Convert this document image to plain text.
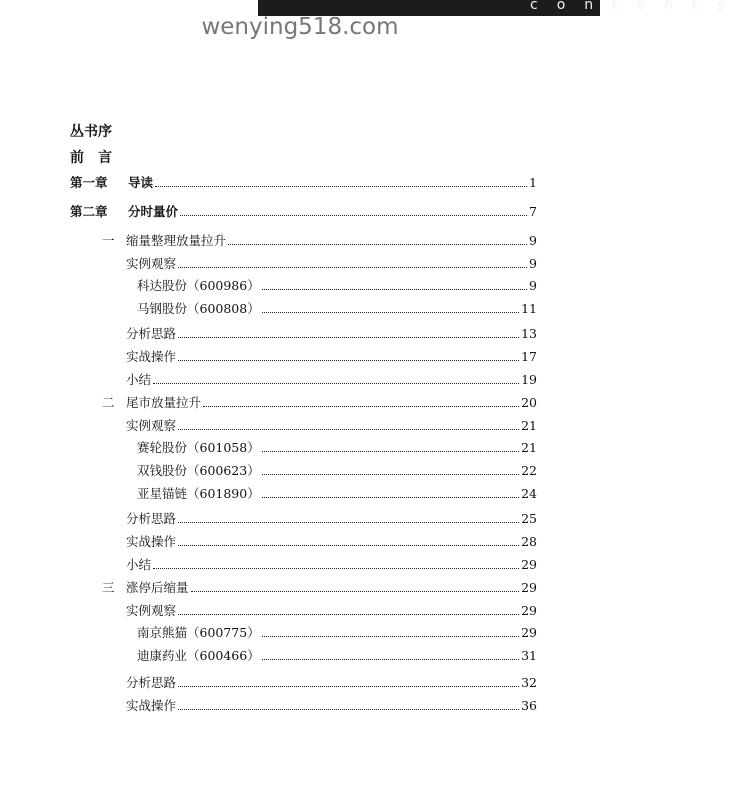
contents
wenying518.com
丛书序
前　言
第一章	导读	1
第二章	分时量价	7
一 缩量整理放量拉升	9
实例观察	9
科达股份（600986）	9
马钢股份（600808）	11
分析思路	13
实战操作	17
小结	19
二 尾市放量拉升	20
实例观察	21
赛轮股份（601058）	21
双钱股份（600623）	22
亚星锚链（601890）	24
分析思路	25
实战操作	28
小结	29
三 涨停后缩量	29
实例观察	29
南京熊猫（600775）	29
迪康药业（600466）	31
分析思路	32
实战操作	36
